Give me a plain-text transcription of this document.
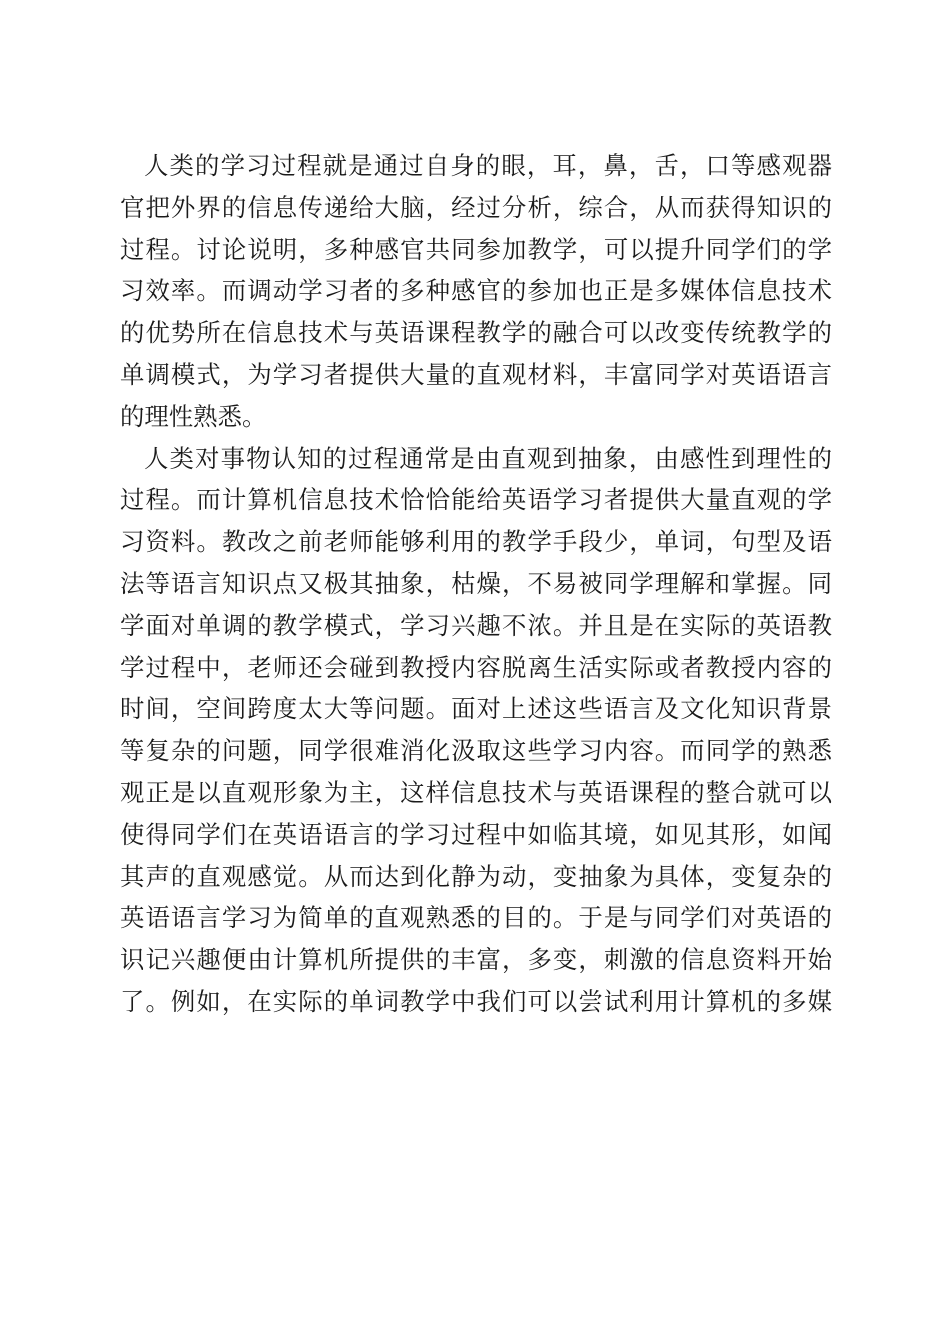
人类的学习过程就是通过自身的眼，耳，鼻，舌，口等感观器
官把外界的信息传递给大脑，经过分析，综合，从而获得知识的
过程。讨论说明，多种感官共同参加教学，可以提升同学们的学
习效率。而调动学习者的多种感官的参加也正是多媒体信息技术
的优势所在信息技术与英语课程教学的融合可以改变传统教学的
单调模式，为学习者提供大量的直观材料，丰富同学对英语语言
的理性熟悉。
人类对事物认知的过程通常是由直观到抽象，由感性到理性的
过程。而计算机信息技术恰恰能给英语学习者提供大量直观的学
习资料。教改之前老师能够利用的教学手段少，单词，句型及语
法等语言知识点又极其抽象，枯燥，不易被同学理解和掌握。同
学面对单调的教学模式，学习兴趣不浓。并且是在实际的英语教
学过程中，老师还会碰到教授内容脱离生活实际或者教授内容的
时间，空间跨度太大等问题。面对上述这些语言及文化知识背景
等复杂的问题，同学很难消化汲取这些学习内容。而同学的熟悉
观正是以直观形象为主，这样信息技术与英语课程的整合就可以
使得同学们在英语语言的学习过程中如临其境，如见其形，如闻
其声的直观感觉。从而达到化静为动，变抽象为具体，变复杂的
英语语言学习为简单的直观熟悉的目的。于是与同学们对英语的
识记兴趣便由计算机所提供的丰富，多变，刺激的信息资料开始
了。例如，在实际的单词教学中我们可以尝试利用计算机的多媒
